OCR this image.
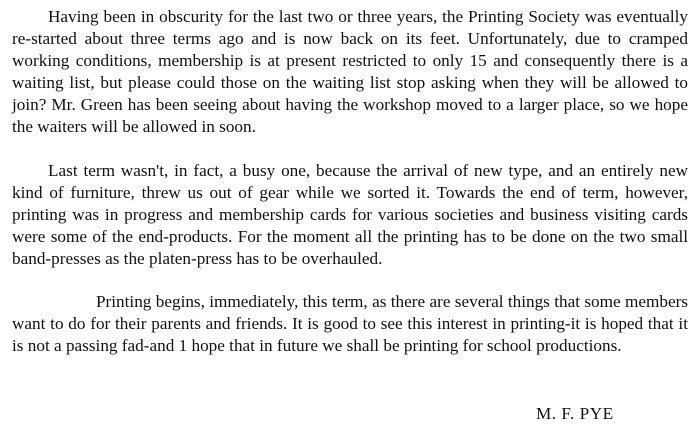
Having been in obscurity for the last two or three years, the Printing Society was eventually re-started about three terms ago and is now back on its feet. Unfortunately, due to cramped working conditions, membership is at present restricted to only 15 and consequently there is a waiting list, but please could those on the waiting list stop asking when they will be allowed to join? Mr. Green has been seeing about having the workshop moved to a larger place, so we hope the waiters will be allowed in soon.

Last term wasn't, in fact, a busy one, because the arrival of new type, and an entirely new kind of furniture, threw us out of gear while we sorted it. Towards the end of term, however, printing was in progress and membership cards for various societies and business visiting cards were some of the end-products. For the moment all the printing has to be done on the two small band-presses as the platen-press has to be overhauled.

Printing begins, immediately, this term, as there are several things that some members want to do for their parents and friends. It is good to see this interest in printing-it is hoped that it is not a passing fad-and 1 hope that in future we shall be printing for school productions.

M. F. PYE
